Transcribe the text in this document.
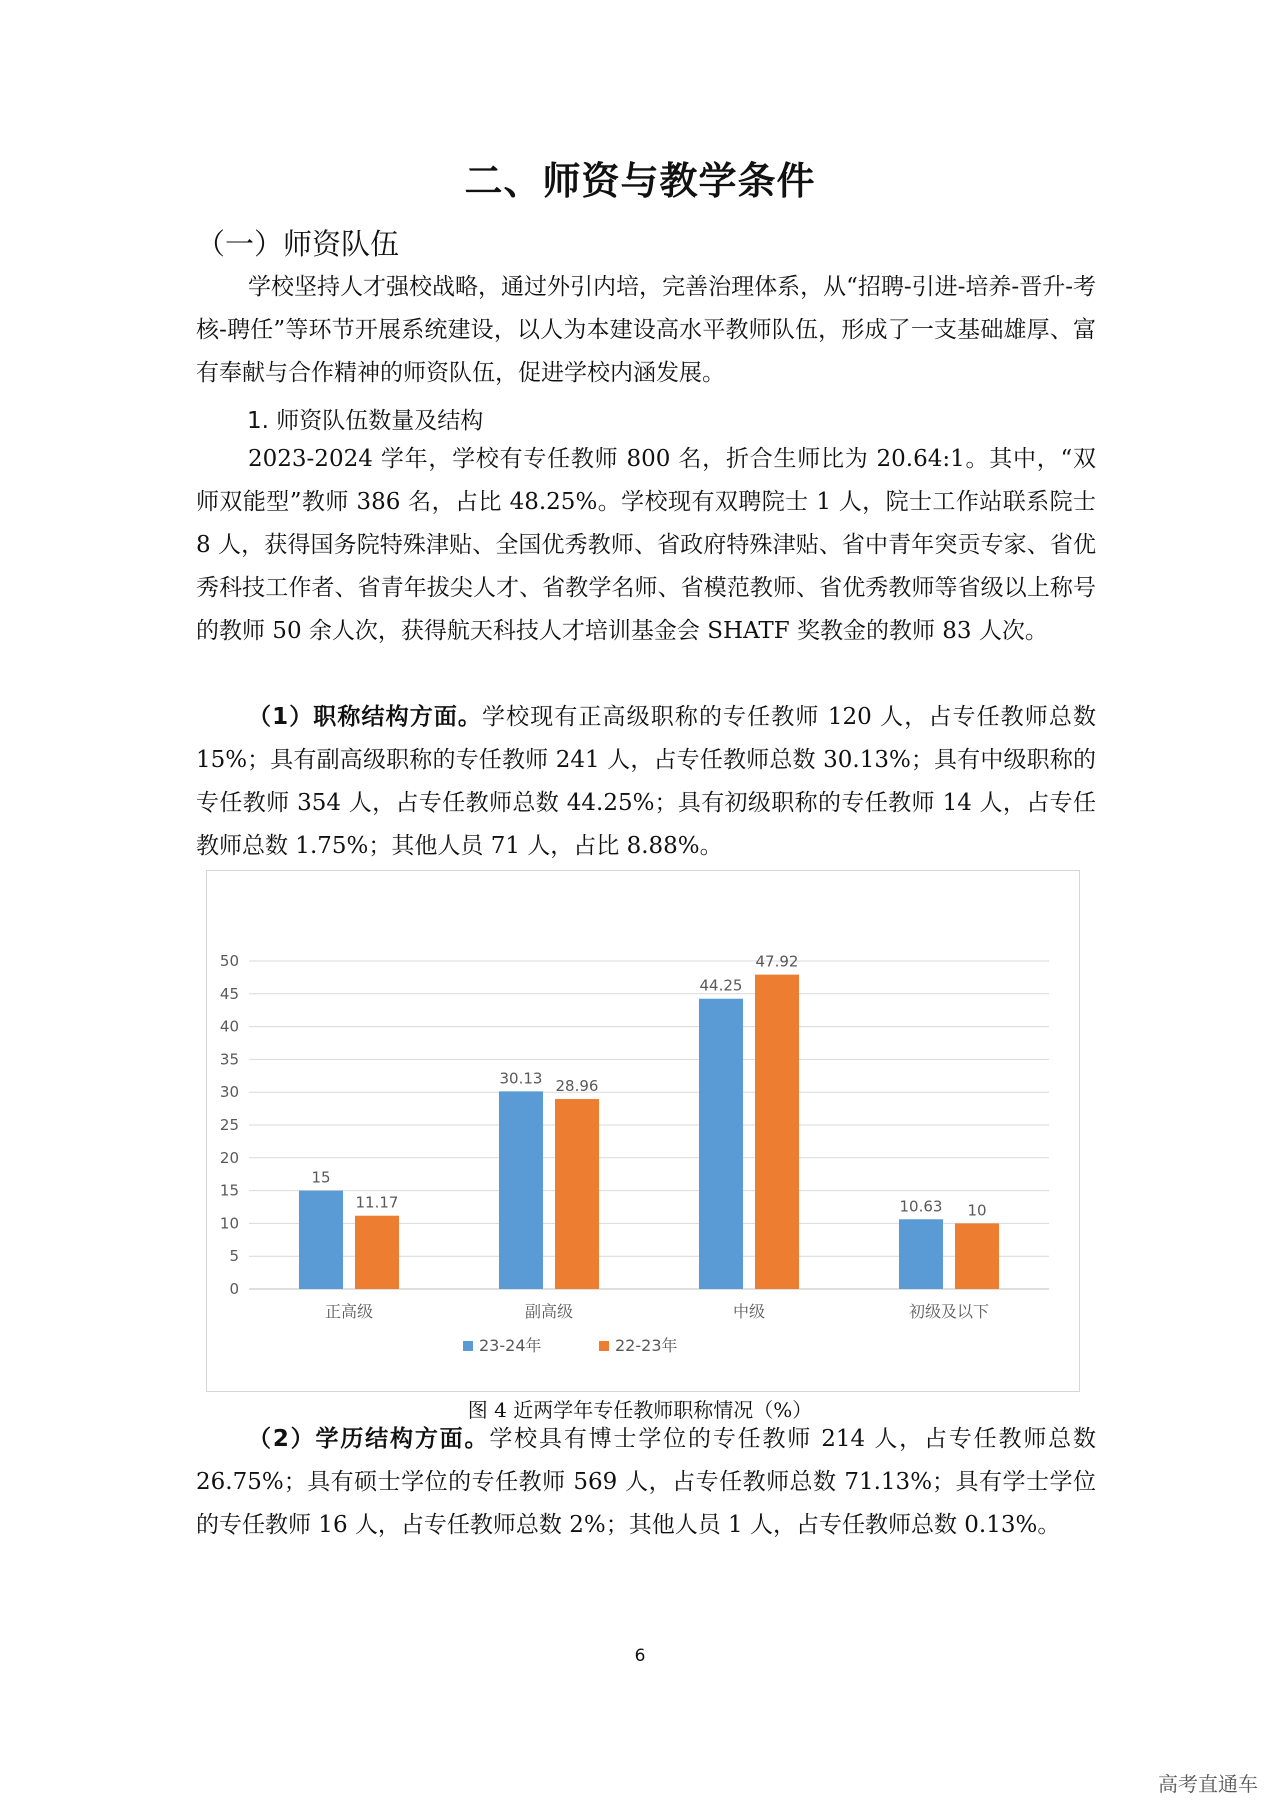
二、师资与教学条件
（一）师资队伍

学校坚持人才强校战略，通过外引内培，完善治理体系，从“招聘-引进-培养-晋升-考核-聘任”等环节开展系统建设，以人为本建设高水平教师队伍，形成了一支基础雄厚、富有奉献与合作精神的师资队伍，促进学校内涵发展。

1. 师资队伍数量及结构

2023-2024 学年，学校有专任教师 800 名，折合生师比为 20.64:1。其中，“双师双能型”教师 386 名，占比 48.25%。学校现有双聘院士 1 人，院士工作站联系院士 8 人，获得国务院特殊津贴、全国优秀教师、省政府特殊津贴、省中青年突贡专家、省优秀科技工作者、省青年拔尖人才、省教学名师、省模范教师、省优秀教师等省级以上称号的教师 50 余人次，获得航天科技人才培训基金会 SHATF 奖教金的教师 83 人次。

（1）职称结构方面。学校现有正高级职称的专任教师 120 人，占专任教师总数 15%；具有副高级职称的专任教师 241 人，占专任教师总数 30.13%；具有中级职称的专任教师 354 人，占专任教师总数 44.25%；具有初级职称的专任教师 14 人，占专任教师总数 1.75%；其他人员 71 人，占比 8.88%。

0
5
10
15
20
25
30
35
40
45
50
正高级
15
11.17
副高级
30.13 28.96
中级
44.25
47.92
初级及以下
10.63 10
23-24年	22-23年
图 4 近两学年专任教师职称情况（%）

（2）学历结构方面。学校具有博士学位的专任教师 214 人，占专任教师总数 26.75%；具有硕士学位的专任教师 569 人，占专任教师总数 71.13%；具有学士学位的专任教师 16 人，占专任教师总数 2%；其他人员 1 人，占专任教师总数 0.13%。

6
高考直通车
